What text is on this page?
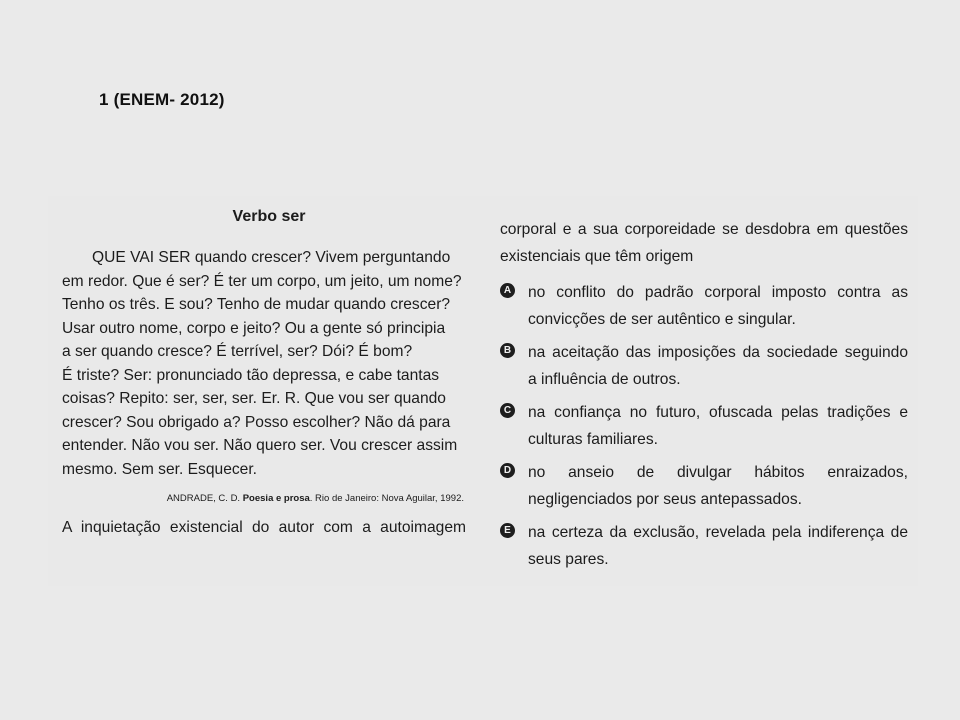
1 (ENEM- 2012)
Verbo ser

QUE VAI SER quando crescer? Vivem perguntando

em redor. Que é ser? É ter um corpo, um jeito, um nome?
Tenho os três. E sou? Tenho de mudar quando crescer?
Usar outro nome, corpo e jeito? Ou a gente só principia
a ser quando cresce? É terrível, ser? Dói? É bom?
É triste? Ser: pronunciado tão depressa, e cabe tantas
coisas? Repito: ser, ser, ser. Er. R. Que vou ser quando
crescer? Sou obrigado a? Posso escolher? Não dá para
entender. Não vou ser. Não quero ser. Vou crescer assim
mesmo. Sem ser. Esquecer.
ANDRADE, C. D. Poesia e prosa. Rio de Janeiro: Nova Aguilar, 1992.
A inquietação existencial do autor com a autoimagem
corporal e a sua corporeidade se desdobra em questões
existenciais que têm origem
A no conflito do padrão corporal imposto contra as
convicções de ser autêntico e singular.
B na aceitação das imposições da sociedade seguindo
a influência de outros.
C na confiança no futuro, ofuscada pelas tradições e
culturas familiares.
D no anseio de divulgar hábitos enraizados,
negligenciados por seus antepassados.
E na certeza da exclusão, revelada pela indiferença de
seus pares.
